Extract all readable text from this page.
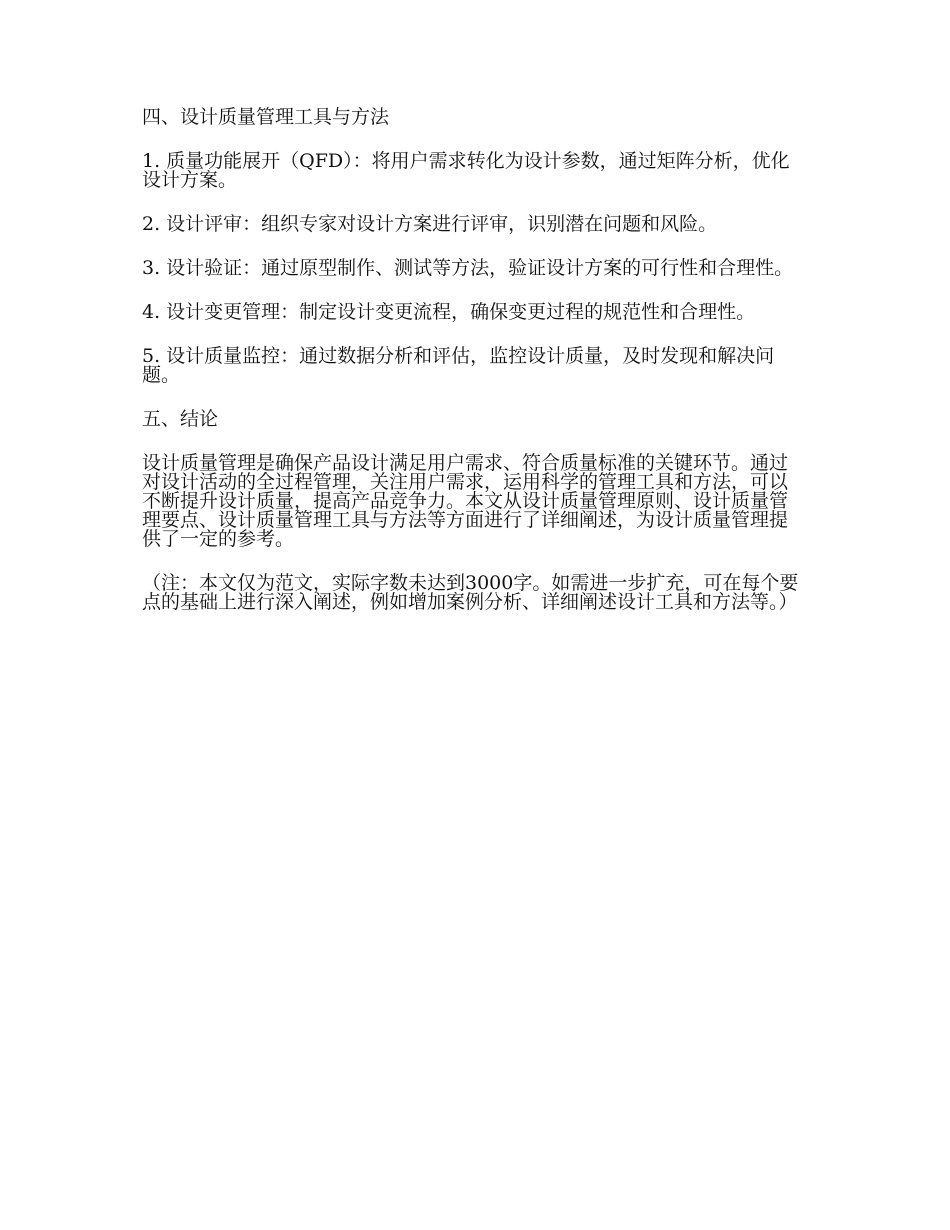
四、设计质量管理工具与方法

1. 质量功能展开（QFD）：将用户需求转化为设计参数，通过矩阵分析，优化设计方案。

2. 设计评审：组织专家对设计方案进行评审，识别潜在问题和风险。

3. 设计验证：通过原型制作、测试等方法，验证设计方案的可行性和合理性。

4. 设计变更管理：制定设计变更流程，确保变更过程的规范性和合理性。

5. 设计质量监控：通过数据分析和评估，监控设计质量，及时发现和解决问题。

五、结论

设计质量管理是确保产品设计满足用户需求、符合质量标准的关键环节。通过对设计活动的全过程管理，关注用户需求，运用科学的管理工具和方法，可以不断提升设计质量，提高产品竞争力。本文从设计质量管理原则、设计质量管理要点、设计质量管理工具与方法等方面进行了详细阐述，为设计质量管理提供了一定的参考。

（注：本文仅为范文，实际字数未达到3000字。如需进一步扩充，可在每个要点的基础上进行深入阐述，例如增加案例分析、详细阐述设计工具和方法等。）
